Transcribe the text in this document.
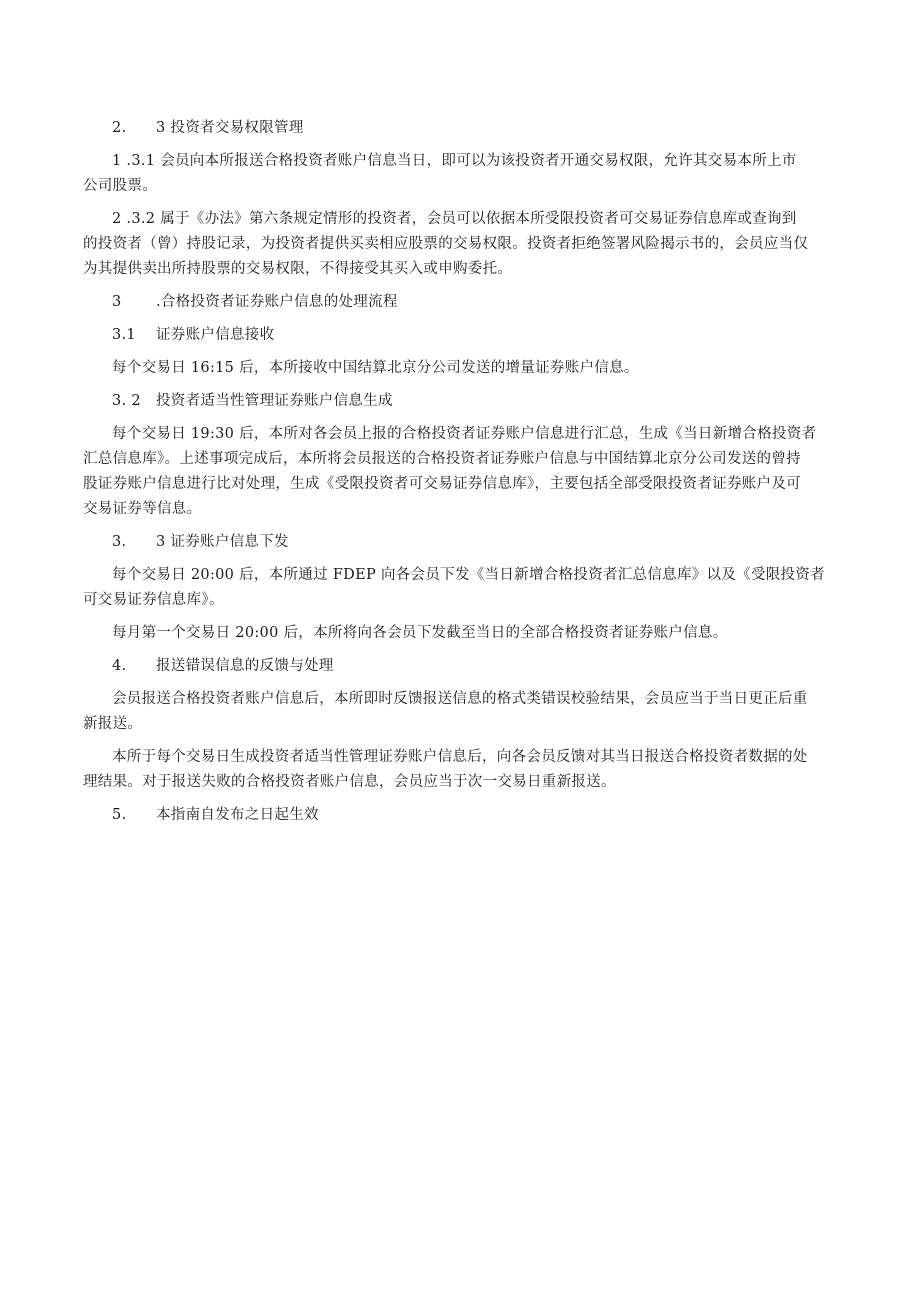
2. 3 投资者交易权限管理

1 .3.1 会员向本所报送合格投资者账户信息当日，即可以为该投资者开通交易权限，允许其交易本所上市
公司股票。
2 .3.2 属于《办法》第六条规定情形的投资者，会员可以依据本所受限投资者可交易证券信息库或查询到
的投资者（曾）持股记录，为投资者提供买卖相应股票的交易权限。投资者拒绝签署风险揭示书的，会员应当仅
为其提供卖出所持股票的交易权限，不得接受其买入或申购委托。

3 .合格投资者证券账户信息的处理流程

3.1 证券账户信息接收

每个交易日 16:15 后，本所接收中国结算北京分公司发送的增量证券账户信息。

3. 2 投资者适当性管理证券账户信息生成

每个交易日 19:30 后，本所对各会员上报的合格投资者证券账户信息进行汇总，生成《当日新增合格投资者
汇总信息库》。上述事项完成后，本所将会员报送的合格投资者证券账户信息与中国结算北京分公司发送的曾持
股证券账户信息进行比对处理，生成《受限投资者可交易证券信息库》，主要包括全部受限投资者证券账户及可
交易证券等信息。

3. 3 证券账户信息下发

每个交易日 20:00 后，本所通过 FDEP 向各会员下发《当日新增合格投资者汇总信息库》以及《受限投资者
可交易证券信息库》。

每月第一个交易日 20:00 后，本所将向各会员下发截至当日的全部合格投资者证券账户信息。

4. 报送错误信息的反馈与处理

会员报送合格投资者账户信息后，本所即时反馈报送信息的格式类错误校验结果，会员应当于当日更正后重
新报送。
本所于每个交易日生成投资者适当性管理证券账户信息后，向各会员反馈对其当日报送合格投资者数据的处
理结果。对于报送失败的合格投资者账户信息，会员应当于次一交易日重新报送。

5. 本指南自发布之日起生效
